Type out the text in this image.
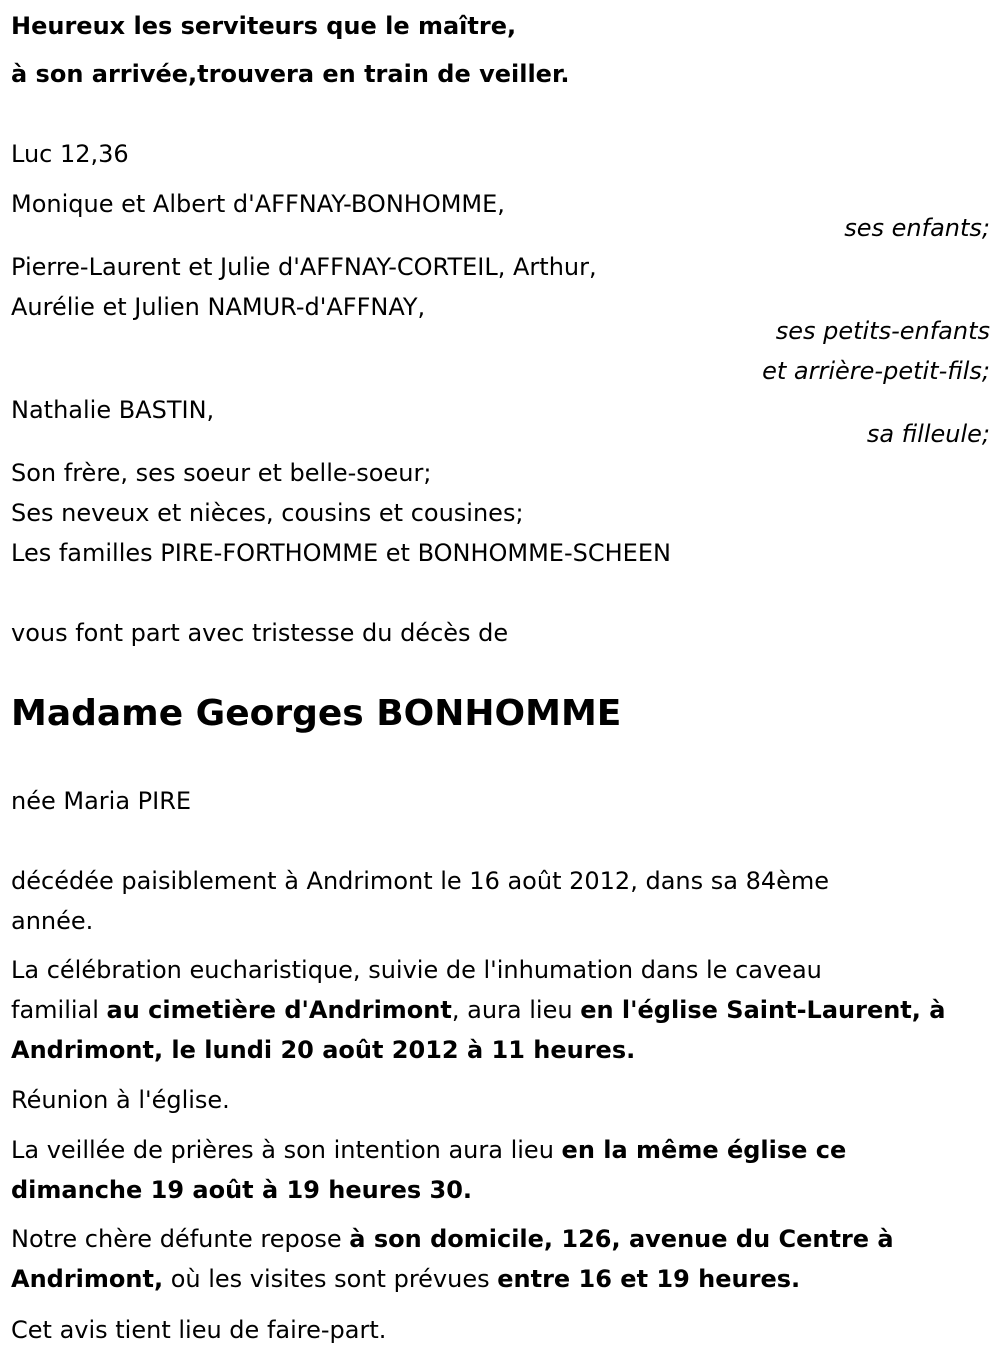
Heureux les serviteurs que le maître,

à son arrivée,trouvera en train de veiller.

Luc 12,36

Monique et Albert d'AFFNAY-BONHOMME,

ses enfants;

Pierre-Laurent et Julie d'AFFNAY-CORTEIL, Arthur,

Aurélie et Julien NAMUR-d'AFFNAY,

ses petits-enfants

et arrière-petit-fils;

Nathalie BASTIN,

sa filleule;

Son frère, ses soeur et belle-soeur;

Ses neveux et nièces, cousins et cousines;

Les familles PIRE-FORTHOMME et BONHOMME-SCHEEN

vous font part avec tristesse du décès de

Madame Georges BONHOMME

née Maria PIRE

décédée paisiblement à Andrimont le 16 août 2012, dans sa 84ème

année.

La célébration eucharistique, suivie de l'inhumation dans le caveau

familial au cimetière d'Andrimont, aura lieu en l'église Saint-Laurent, à

Andrimont, le lundi 20 août 2012 à 11 heures.

Réunion à l'église.

La veillée de prières à son intention aura lieu en la même église ce

dimanche 19 août à 19 heures 30.

Notre chère défunte repose à son domicile, 126, avenue du Centre à

Andrimont, où les visites sont prévues entre 16 et 19 heures.

Cet avis tient lieu de faire-part.
